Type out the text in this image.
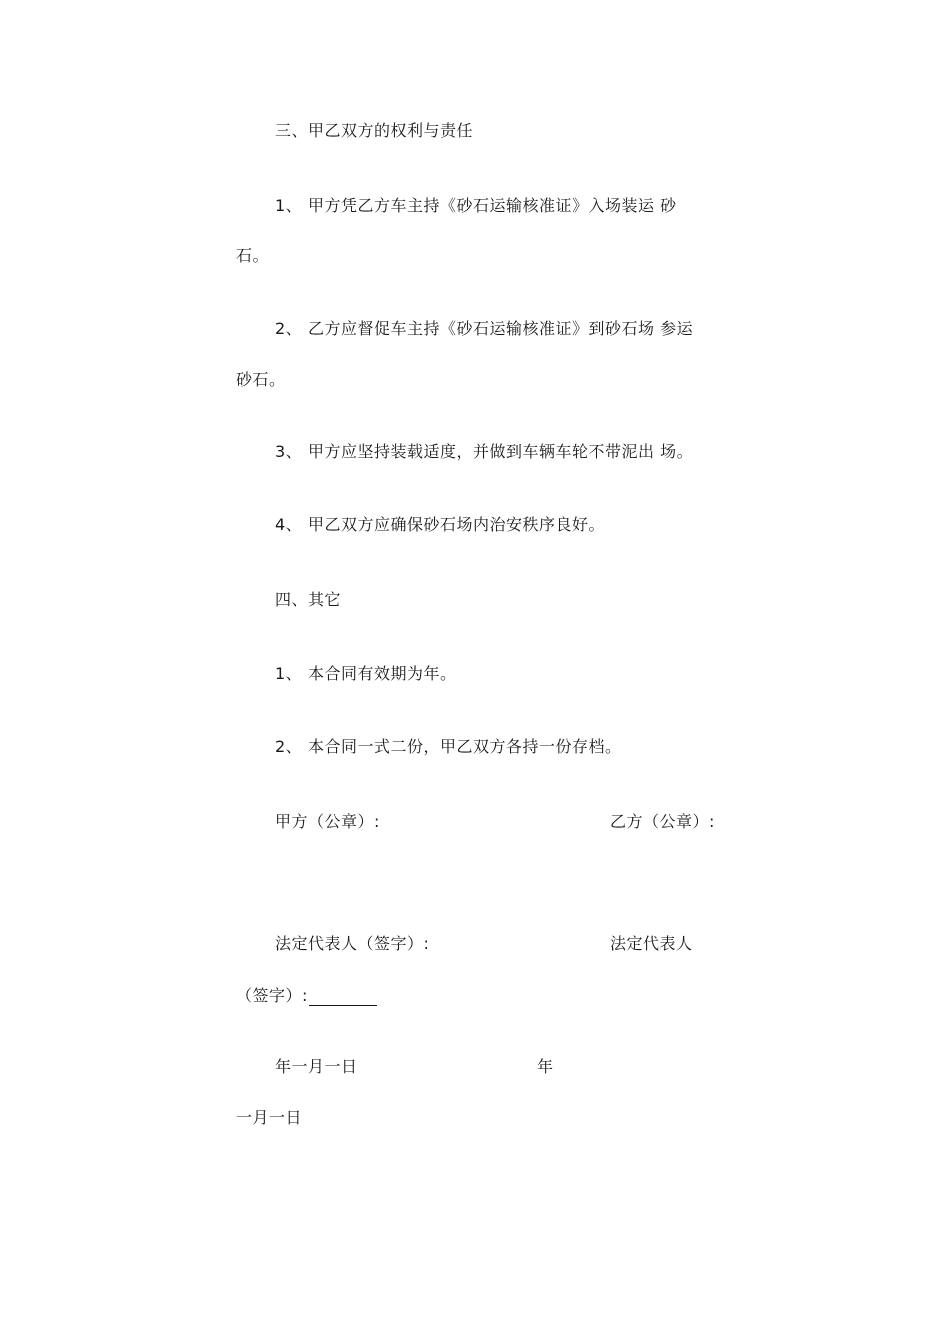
三、甲乙双方的权利与责任
1、 甲方凭乙方车主持《砂石运输核准证》入场装运 砂
石。
2、 乙方应督促车主持《砂石运输核准证》到砂石场 参运
砂石。
3、 甲方应坚持装载适度，并做到车辆车轮不带泥出 场。
4、 甲乙双方应确保砂石场内治安秩序良好。
四、其它
1、 本合同有效期为年。
2、 本合同一式二份，甲乙双方各持一份存档。
甲方（公章）:	乙方（公章）:
法定代表人（签字）:	法定代表人
（签字）:
年一月一日	年
一月一日
